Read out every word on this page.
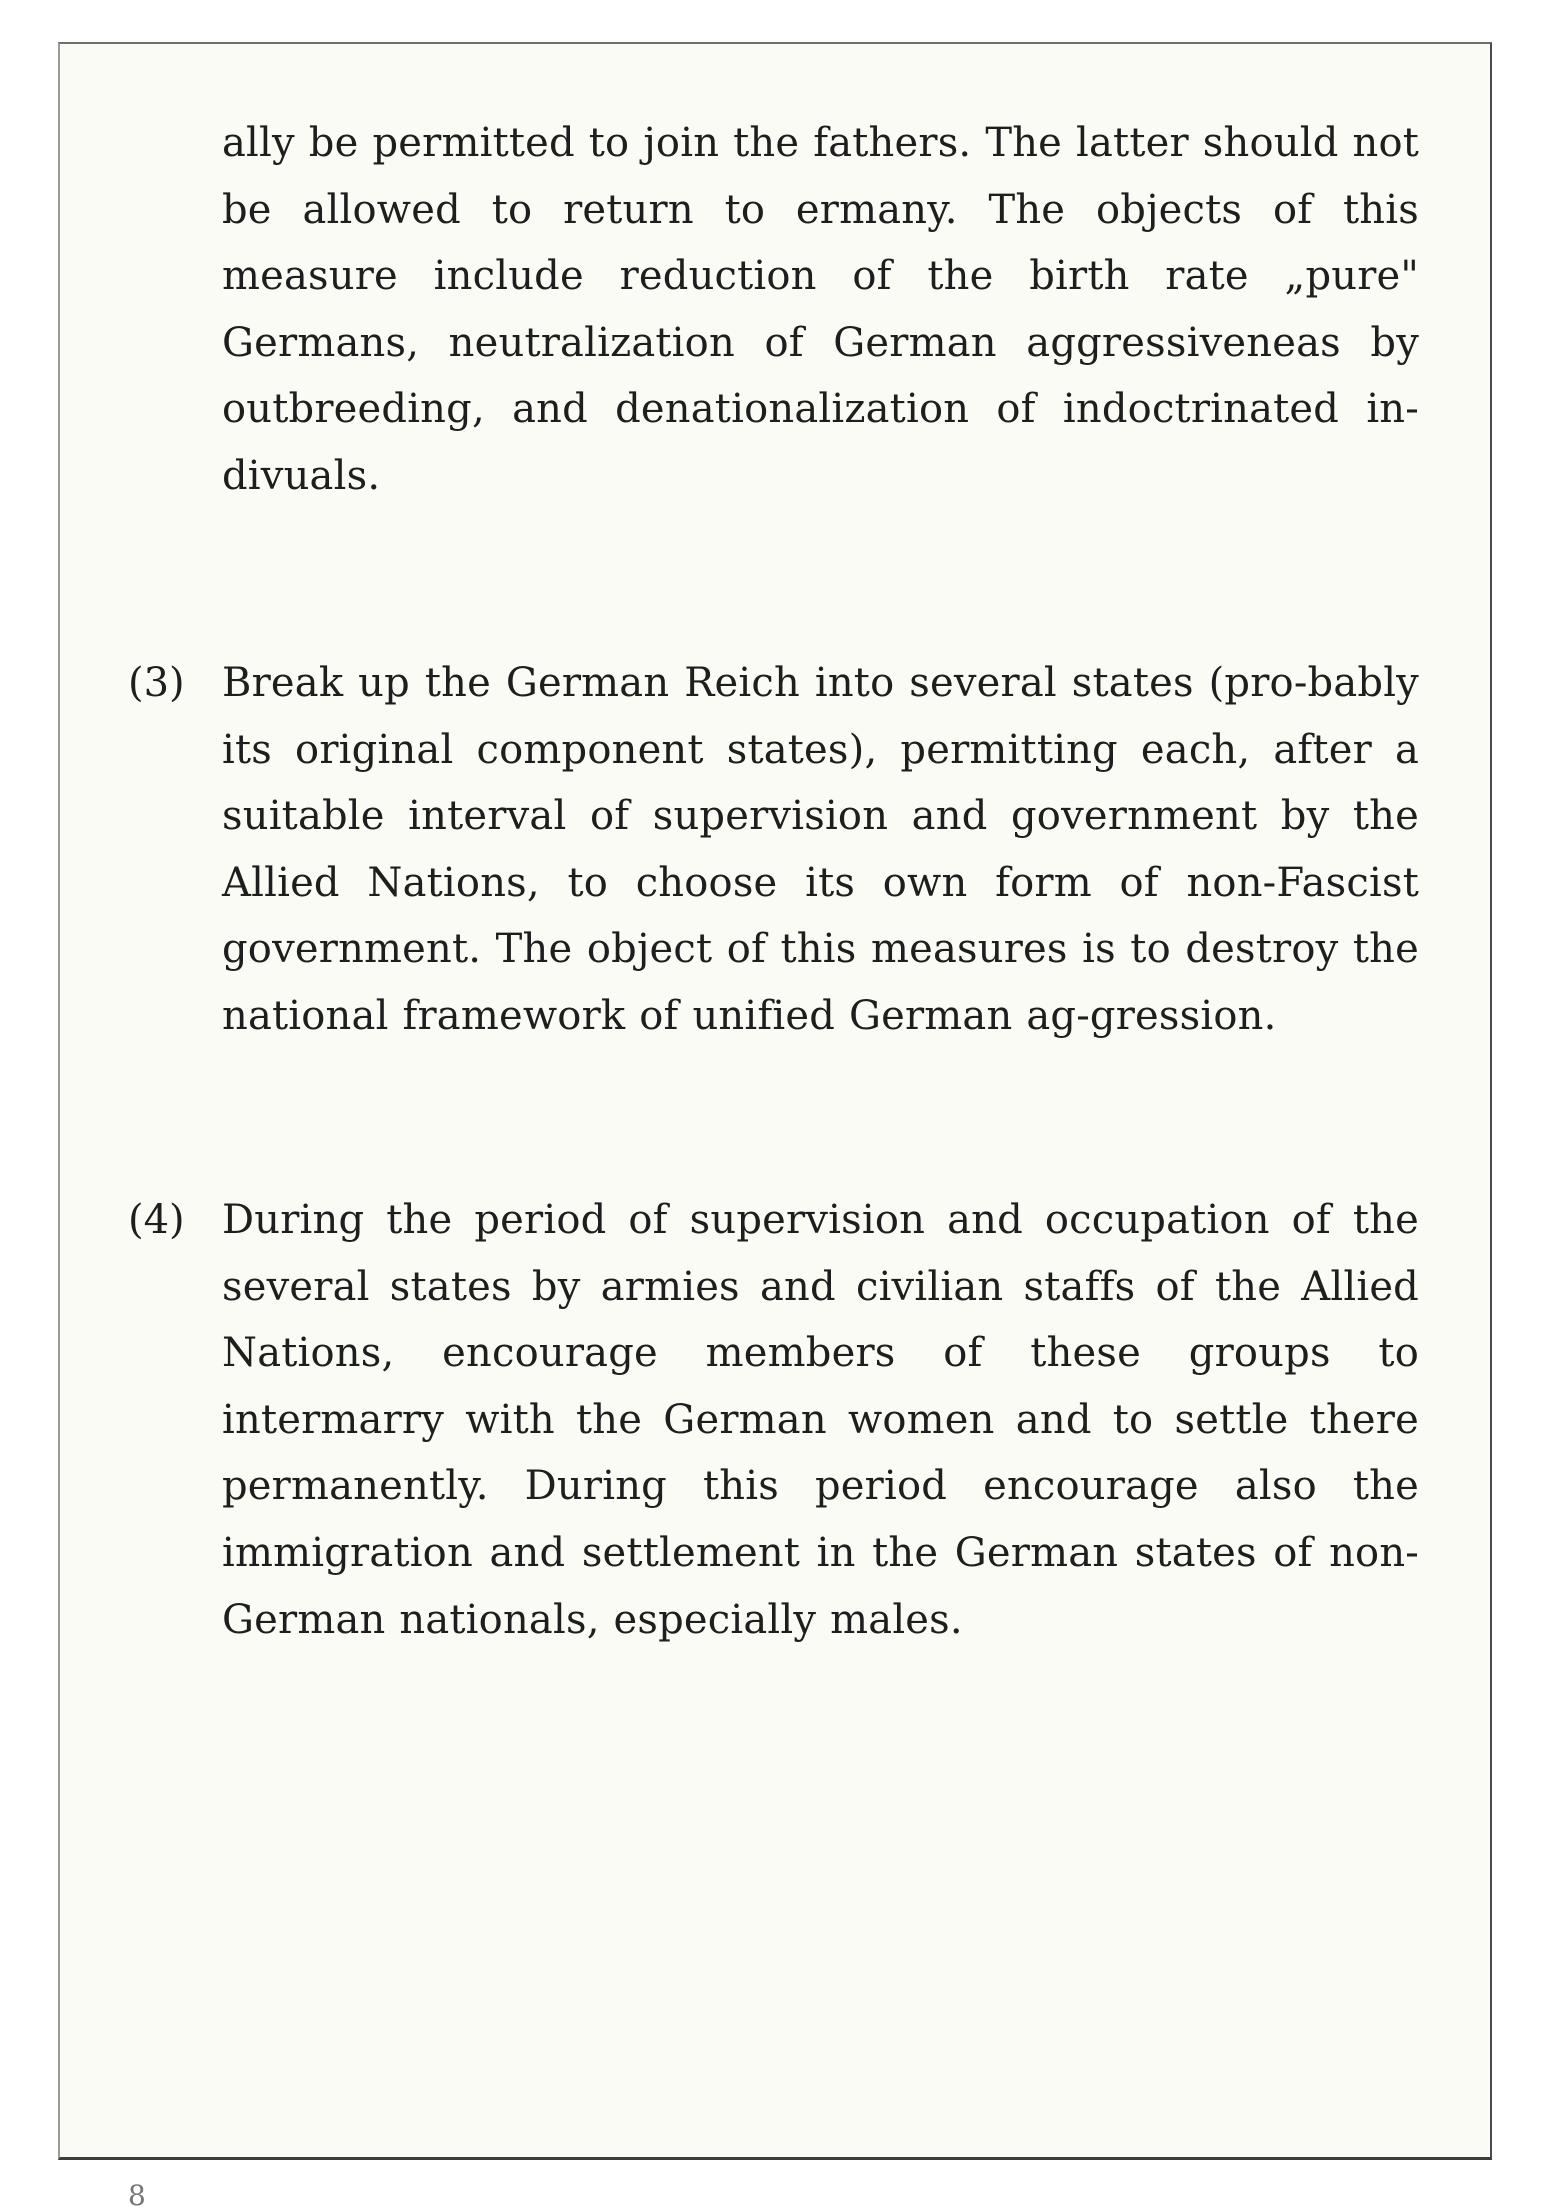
ally be permitted to join the fathers. The latter should not be allowed to return to ermany. The objects of this measure include reduction of the birth rate „pure" Germans, neutralization of German aggressiveneas by outbreeding, and denationalization of indoctrinated in-divuals.

(3) Break up the German Reich into several states (pro-bably its original component states), permitting each, after a suitable interval of supervision and government by the Allied Nations, to choose its own form of non-Fascist government. The object of this measures is to destroy the national framework of unified German ag-gression.

(4) During the period of supervision and occupation of the several states by armies and civilian staffs of the Allied Nations, encourage members of these groups to intermarry with the German women and to settle there permanently. During this period encourage also the immigration and settlement in the German states of non-German nationals, especially males.

8
